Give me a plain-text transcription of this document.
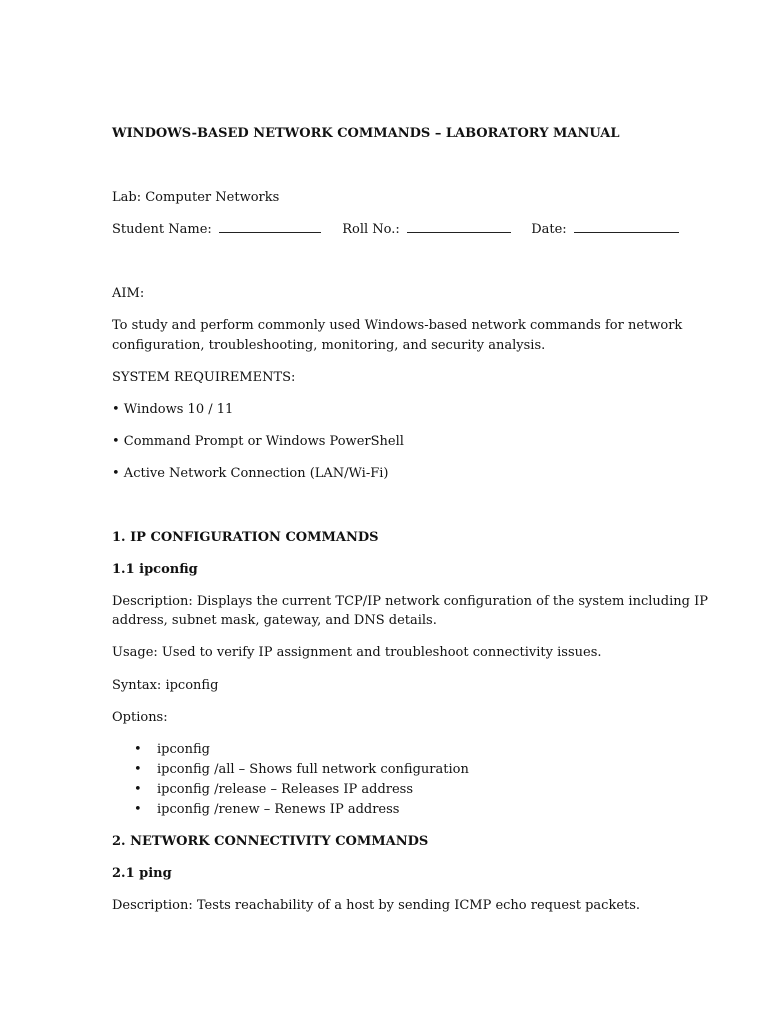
WINDOWS-BASED NETWORK COMMANDS – LABORATORY MANUAL
Lab: Computer Networks
Student Name:	Roll No.:	Date:
AIM:
To study and perform commonly used Windows-based network commands for network
configuration, troubleshooting, monitoring, and security analysis.
SYSTEM REQUIREMENTS:
• Windows 10 / 11
• Command Prompt or Windows PowerShell
• Active Network Connection (LAN/Wi-Fi)
1. IP CONFIGURATION COMMANDS
1.1 ipconfig
Description: Displays the current TCP/IP network configuration of the system including IP
address, subnet mask, gateway, and DNS details.
Usage: Used to verify IP assignment and troubleshoot connectivity issues.
Syntax: ipconfig
Options:
• ipconfig
• ipconfig /all – Shows full network configuration
• ipconfig /release – Releases IP address
• ipconfig /renew – Renews IP address
2. NETWORK CONNECTIVITY COMMANDS
2.1 ping
Description: Tests reachability of a host by sending ICMP echo request packets.
